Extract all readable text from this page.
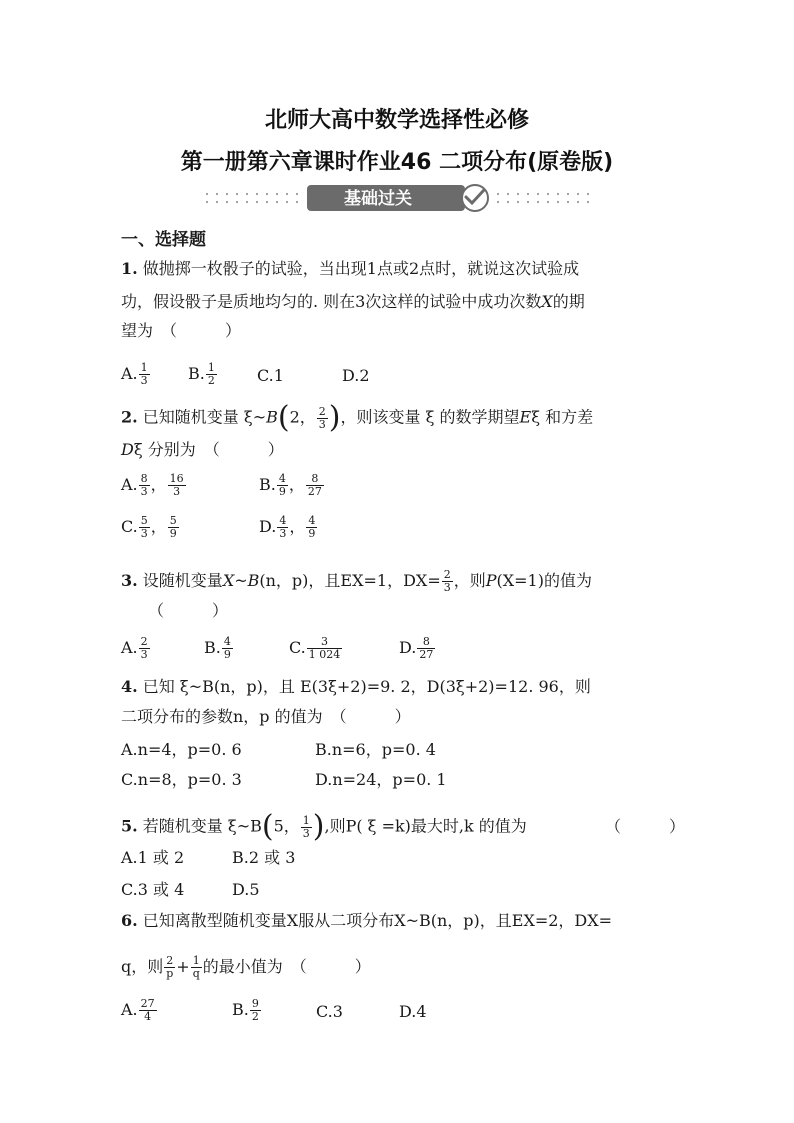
北师大高中数学选择性必修
第一册第六章课时作业46 二项分布(原卷版)
基础过关
一、选择题
1. 做抛掷一枚骰子的试验，当出现1点或2点时，就说这次试验成
功，假设骰子是质地均匀的. 则在3次这样的试验中成功次数X的期
望为　（　　　）
A. $\frac{1}{3} B$. $\frac{1}{2}$	C.1	D.2
2. 已知随机变量 ξ~B(2， $\frac{2}{3}$ )，则该变量 ξ 的数学期望Eξ 和方差
Dξ 分别为　（　　　）
A. $\frac{8}{3}$ ， $\frac{16}{3}$	B. $\frac{4}{9}$ ， $\frac{8}{27}$
C. $\frac{5}{3}$ ， $\frac{5}{9}$	D. $\frac{4}{3}$ ， $\frac{4}{9}$
3. 设随机变量X~B(n，p)，且EX=1，$DX= \frac{2}{3}$ ，则P(X=1)的值为
（　　　）
A. $\frac{2}{3}$	B. $\frac{4}{9}$	C. $\frac{3}{1 024}$	D. $\frac{8}{27}$
4. 已知 ξ~B(n，p)，且 E(3ξ+2)=9. 2，D(3ξ+2)=12. 96，则
二项分布的参数n，p 的值为　（　　　）
A.n=4，p=0. 6	B.n=6，p=0. 4
C.n=8，p=0. 3	D.n=24，p=0. 1
5. 若随机变量 ξ~B(5， $\frac{1}{3}$ ),则P( ξ =k)最大时,k 的值为	（　　　）
A.1 或 2	B.2 或 3
C.3 或 4	D.5
6. 已知离散型随机变量X服从二项分布X~B(n，p)，且EX=2，DX=
q，则 $\frac{2}{p} + \frac{1}{q}$ 的最小值为　（　　　）
A. $\frac{27}{4}$	B. $\frac{9}{2}$	C.3	D.4
